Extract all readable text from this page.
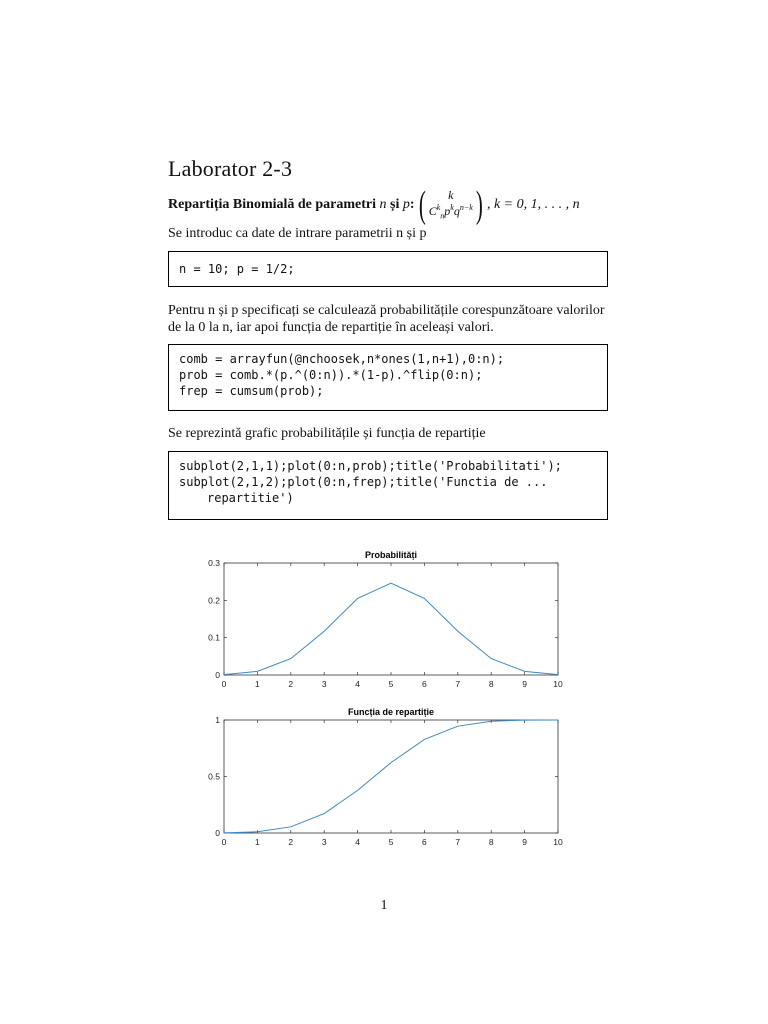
Laborator 2-3
Repartiția Binomială de parametri n și p: ( k
$C^k_np^kq^{n-k}$ ) , k = 0, 1, . . . , n
Se introduc ca date de intrare parametrii n și p
n = 10; p = 1/2;
Pentru n și p specificați se calculează probabilitățile corespunzătoare valorilor
de la 0 la n, iar apoi funcția de repartiție în aceleași valori.
comb = arrayfun(@nchoosek,n*ones(1,n+1),0:n);
prob = comb.*(p.^(0:n)).*(1-p).^flip(0:n);
frep = cumsum(prob);
Se reprezintă grafic probabilitățile și funcția de repartiție
subplot(2,1,1);plot(0:n,prob);title('Probabilitati');
subplot(2,1,2);plot(0:n,frep);title('Functia de ...
repartitie')
Probabilități
0	1	2	3	4	5	6	7	8	9	10
0
0.1
0.2
0.3
Funcția de repartiție
0	1	2	3	4	5	6	7	8	9	10
0
0.5
1
1
